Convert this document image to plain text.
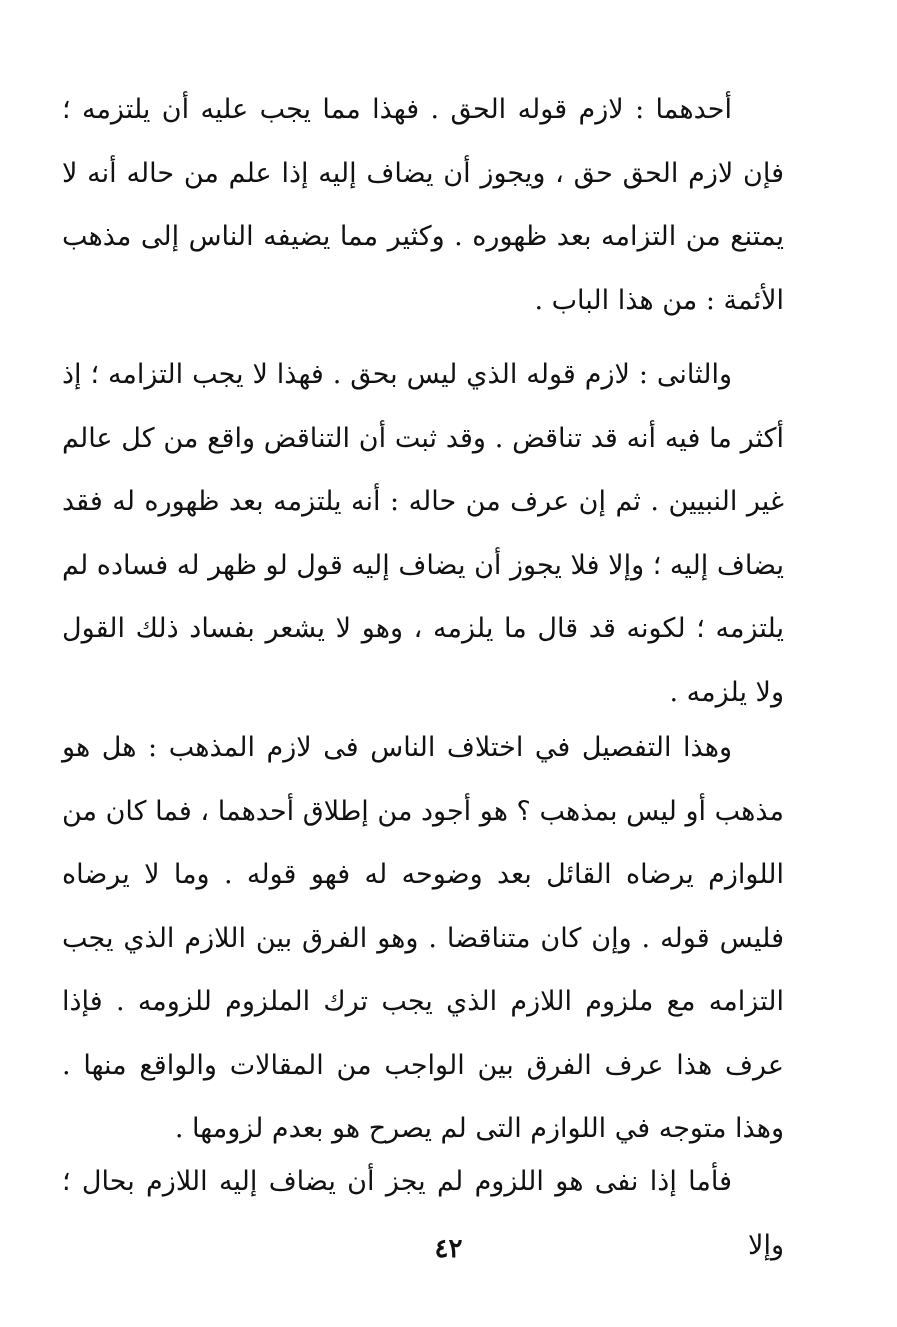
أحدهما : لازم قوله الحق . فهذا مما يجب عليه أن يلتزمه ؛ فإن لازم الحق حق ، ويجوز أن يضاف إليه إذا علم من حاله أنه لا يمتنع من التزامه بعد ظهوره . وكثير مما يضيفه الناس إلى مذهب الأئمة : من هذا الباب .

والثانى : لازم قوله الذي ليس بحق . فهذا لا يجب التزامه ؛ إذ أكثر ما فيه أنه قد تناقض . وقد ثبت أن التناقض واقع من كل عالم غير النبيين . ثم إن عرف من حاله : أنه يلتزمه بعد ظهوره له فقد يضاف إليه ؛ وإلا فلا يجوز أن يضاف إليه قول لو ظهر له فساده لم يلتزمه ؛ لكونه قد قال ما يلزمه ، وهو لا يشعر بفساد ذلك القول ولا يلزمه .

وهذا التفصيل في اختلاف الناس فى لازم المذهب : هل هو مذهب أو ليس بمذهب ؟ هو أجود من إطلاق أحدهما ، فما كان من اللوازم يرضاه القائل بعد وضوحه له فهو قوله . وما لا يرضاه فليس قوله . وإن كان متناقضا . وهو الفرق بين اللازم الذي يجب التزامه مع ملزوم اللازم الذي يجب ترك الملزوم للزومه . فإذا عرف هذا عرف الفرق بين الواجب من المقالات والواقع منها . وهذا متوجه في اللوازم التى لم يصرح هو بعدم لزومها .

فأما إذا نفى هو اللزوم لم يجز أن يضاف إليه اللازم بحال ؛ وإلا

٤٢
